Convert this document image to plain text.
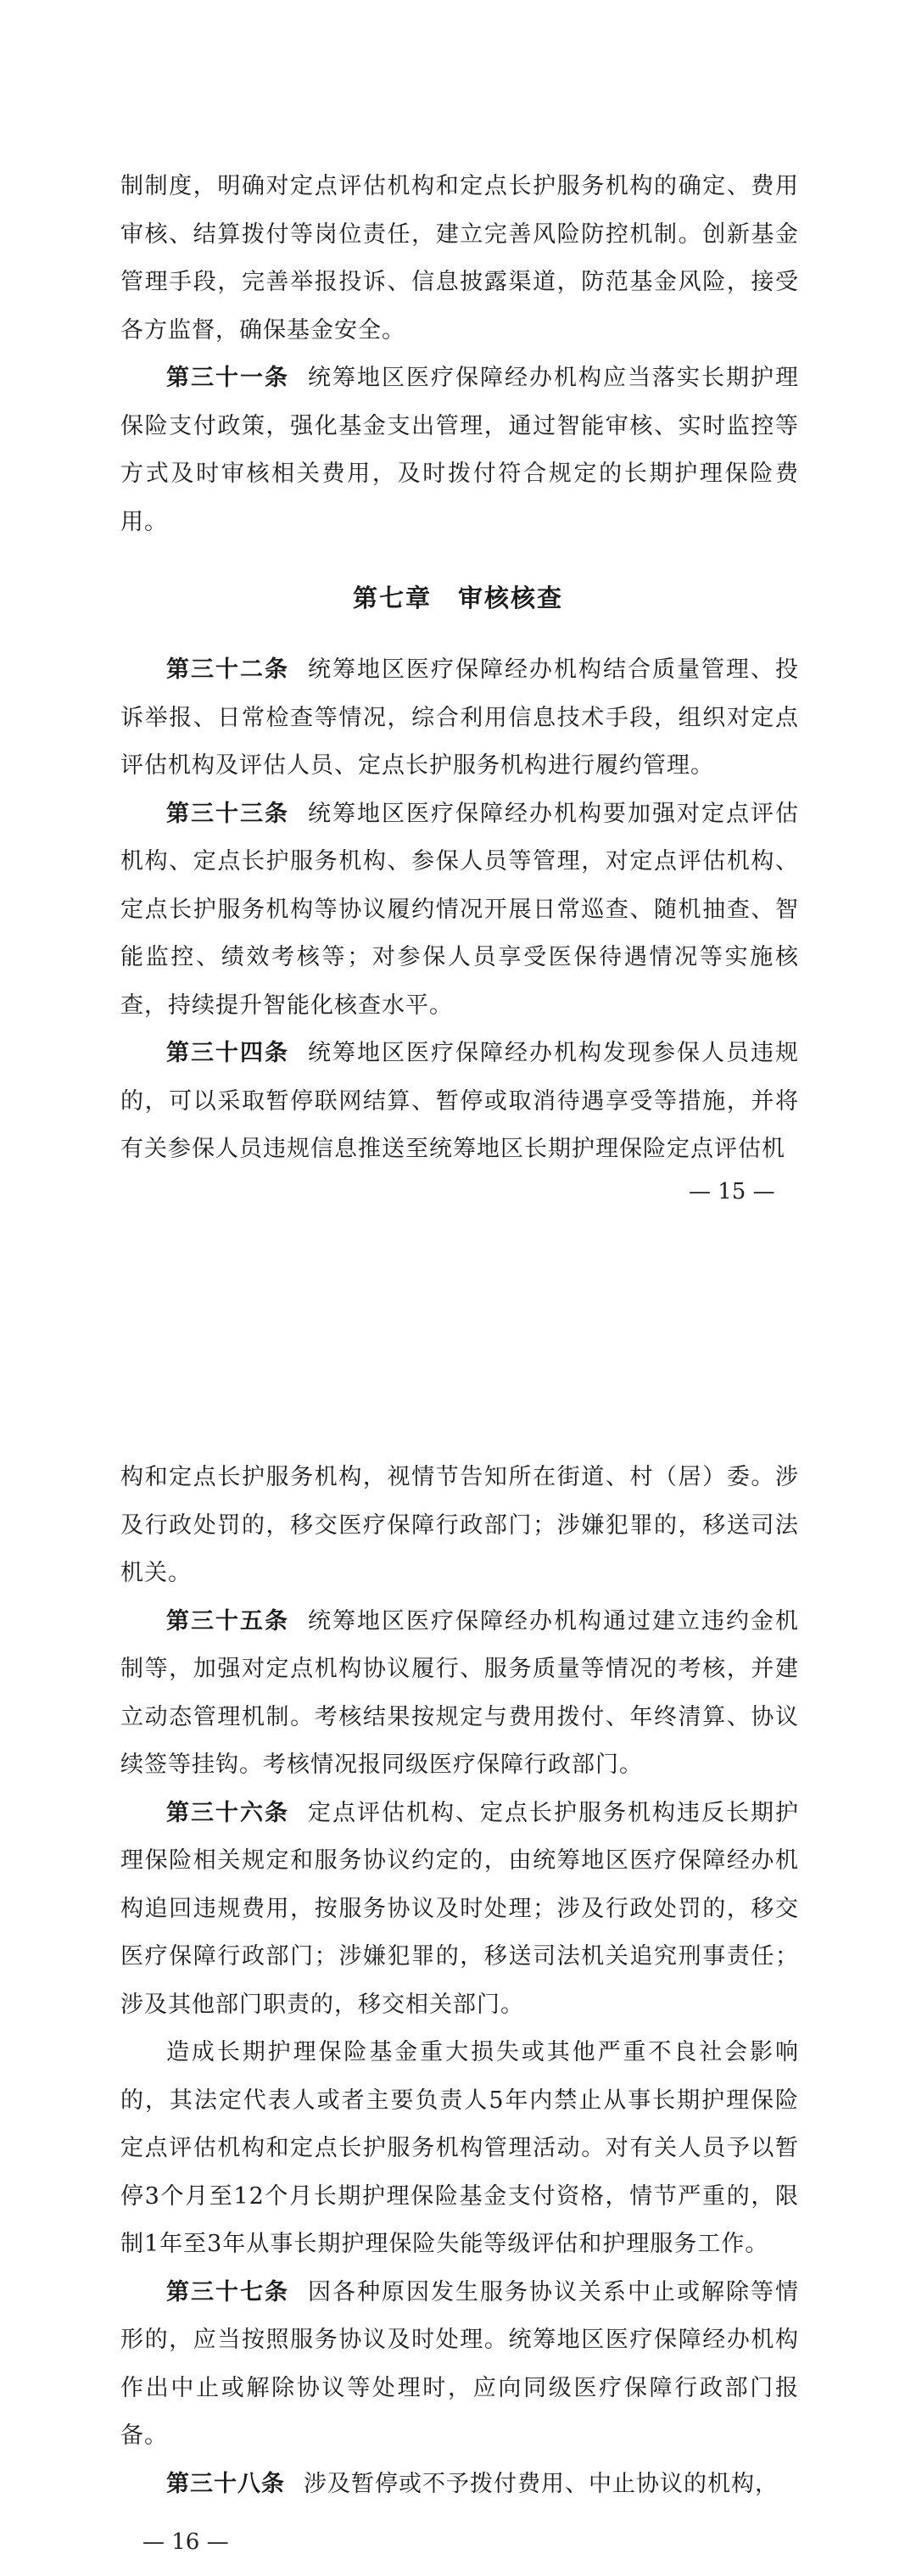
制制度，明确对定点评估机构和定点长护服务机构的确定、费用审核、结算拨付等岗位责任，建立完善风险防控机制。创新基金管理手段，完善举报投诉、信息披露渠道，防范基金风险，接受各方监督，确保基金安全。

第三十一条 统筹地区医疗保障经办机构应当落实长期护理保险支付政策，强化基金支出管理，通过智能审核、实时监控等方式及时审核相关费用，及时拨付符合规定的长期护理保险费用。

第七章　审核核查

第三十二条 统筹地区医疗保障经办机构结合质量管理、投诉举报、日常检查等情况，综合利用信息技术手段，组织对定点评估机构及评估人员、定点长护服务机构进行履约管理。

第三十三条 统筹地区医疗保障经办机构要加强对定点评估机构、定点长护服务机构、参保人员等管理，对定点评估机构、定点长护服务机构等协议履约情况开展日常巡查、随机抽查、智能监控、绩效考核等；对参保人员享受医保待遇情况等实施核查，持续提升智能化核查水平。

第三十四条 统筹地区医疗保障经办机构发现参保人员违规的，可以采取暂停联网结算、暂停或取消待遇享受等措施，并将有关参保人员违规信息推送至统筹地区长期护理保险定点评估机

— 15 —

构和定点长护服务机构，视情节告知所在街道、村（居）委。涉及行政处罚的，移交医疗保障行政部门；涉嫌犯罪的，移送司法机关。

第三十五条 统筹地区医疗保障经办机构通过建立违约金机制等，加强对定点机构协议履行、服务质量等情况的考核，并建立动态管理机制。考核结果按规定与费用拨付、年终清算、协议续签等挂钩。考核情况报同级医疗保障行政部门。

第三十六条 定点评估机构、定点长护服务机构违反长期护理保险相关规定和服务协议约定的，由统筹地区医疗保障经办机构追回违规费用，按服务协议及时处理；涉及行政处罚的，移交医疗保障行政部门；涉嫌犯罪的，移送司法机关追究刑事责任；涉及其他部门职责的，移交相关部门。

造成长期护理保险基金重大损失或其他严重不良社会影响的，其法定代表人或者主要负责人5年内禁止从事长期护理保险定点评估机构和定点长护服务机构管理活动。对有关人员予以暂停3个月至12个月长期护理保险基金支付资格，情节严重的，限制1年至3年从事长期护理保险失能等级评估和护理服务工作。

第三十七条 因各种原因发生服务协议关系中止或解除等情形的，应当按照服务协议及时处理。统筹地区医疗保障经办机构作出中止或解除协议等处理时，应向同级医疗保障行政部门报备。

第三十八条 涉及暂停或不予拨付费用、中止协议的机构，

— 16 —
